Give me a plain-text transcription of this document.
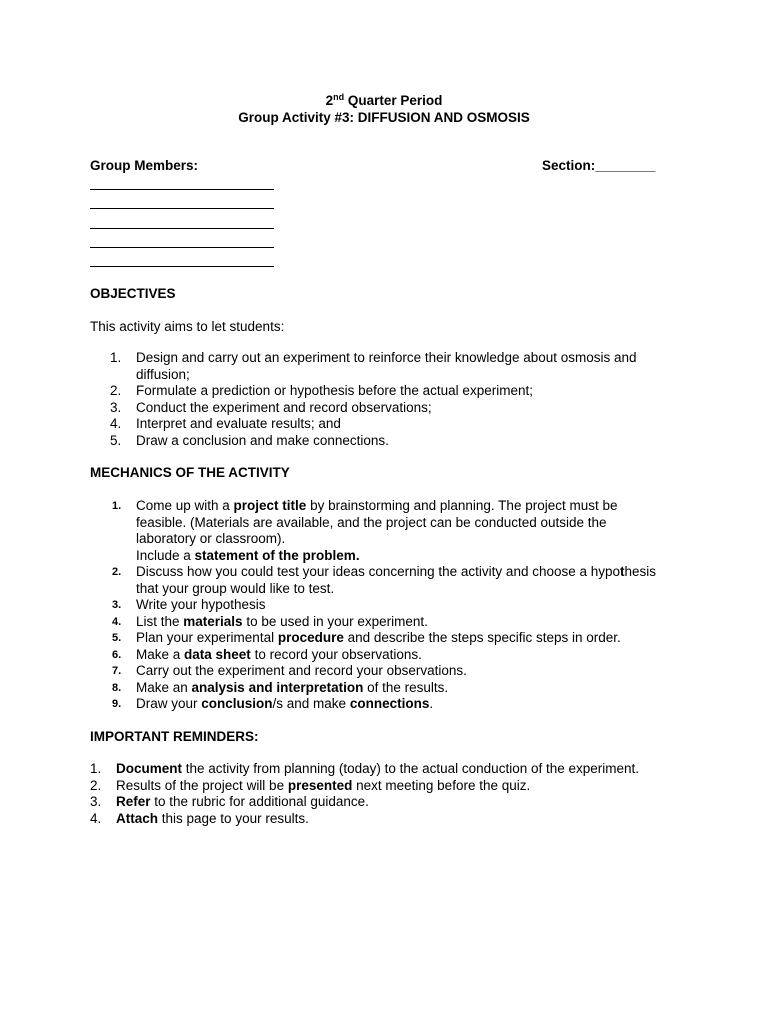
2nd Quarter Period
Group Activity #3: DIFFUSION AND OSMOSIS
Group Members:	Section:________
OBJECTIVES
This activity aims to let students:
1.	Design and carry out an experiment to reinforce their knowledge about osmosis and
diffusion;
2.	Formulate a prediction or hypothesis before the actual experiment;
3.	Conduct the experiment and record observations;
4.	Interpret and evaluate results; and
5.	Draw a conclusion and make connections.
MECHANICS OF THE ACTIVITY
1.	Come up with a project title by brainstorming and planning. The project must be
feasible. (Materials are available, and the project can be conducted outside the
laboratory or classroom).
Include a statement of the problem.
2.	Discuss how you could test your ideas concerning the activity and choose a hypothesis
that your group would like to test.
3.	Write your hypothesis
4.	List the materials to be used in your experiment.
5.	Plan your experimental procedure and describe the steps specific steps in order.
6.	Make a data sheet to record your observations.
7.	Carry out the experiment and record your observations.
8.	Make an analysis and interpretation of the results.
9.	Draw your conclusion/s and make connections.
IMPORTANT REMINDERS:
1.	Document the activity from planning (today) to the actual conduction of the experiment.
2.	Results of the project will be presented next meeting before the quiz.
3.	Refer to the rubric for additional guidance.
4.	Attach this page to your results.
